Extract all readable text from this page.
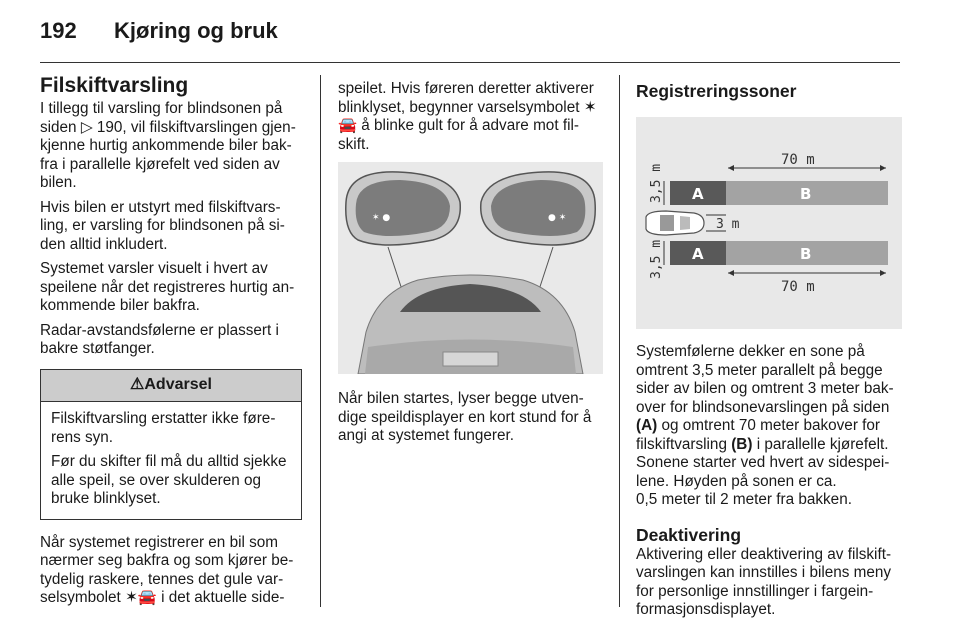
192	Kjøring og bruk
Filskiftvarsling

I tillegg til varsling for blindsonen på siden ▷ 190, vil filskiftvarslingen gjenkjenne hurtig ankommende biler bakfra i parallelle kjørefelt ved siden av bilen.

Hvis bilen er utstyrt med filskiftvarsling, er varsling for blindsonen på siden alltid inkludert.

Systemet varsler visuelt i hvert av speilene når det registreres hurtig ankommende biler bakfra.

Radar-avstandsfølerne er plassert i bakre støtfanger.

⚠Advarsel

Filskiftvarsling erstatter ikke førerens syn.

Før du skifter fil må du alltid sjekke alle speil, se over skulderen og bruke blinklyset.

Når systemet registrerer en bil som nærmer seg bakfra og som kjører betydelig raskere, tennes det gule varselsymbolet ✶🚘 i det aktuelle side-

speilet. Hvis føreren deretter aktiverer blinklyset, begynner varselsymbolet ✶🚘 å blinke gult for å advare mot filskift.

✶ ●	● ✶

Når bilen startes, lyser begge utvendige speildisplayer en kort stund for å angi at systemet fungerer.

Registreringssoner
70 m
A	B
3,5 m
3 m
A	B
3,5 m
70 m

Systemfølerne dekker en sone på omtrent 3,5 meter parallelt på begge sider av bilen og omtrent 3 meter bakover for blindsonevarslingen på siden (A) og omtrent 70 meter bakover for filskiftvarsling (B) i parallelle kjørefelt. Sonene starter ved hvert av sidespeilene. Høyden på sonen er ca.

0,5 meter til 2 meter fra bakken.

Deaktivering

Aktivering eller deaktivering av filskiftvarslingen kan innstilles i bilens meny for personlige innstillinger i fargeinformasjonsdisplayet.
